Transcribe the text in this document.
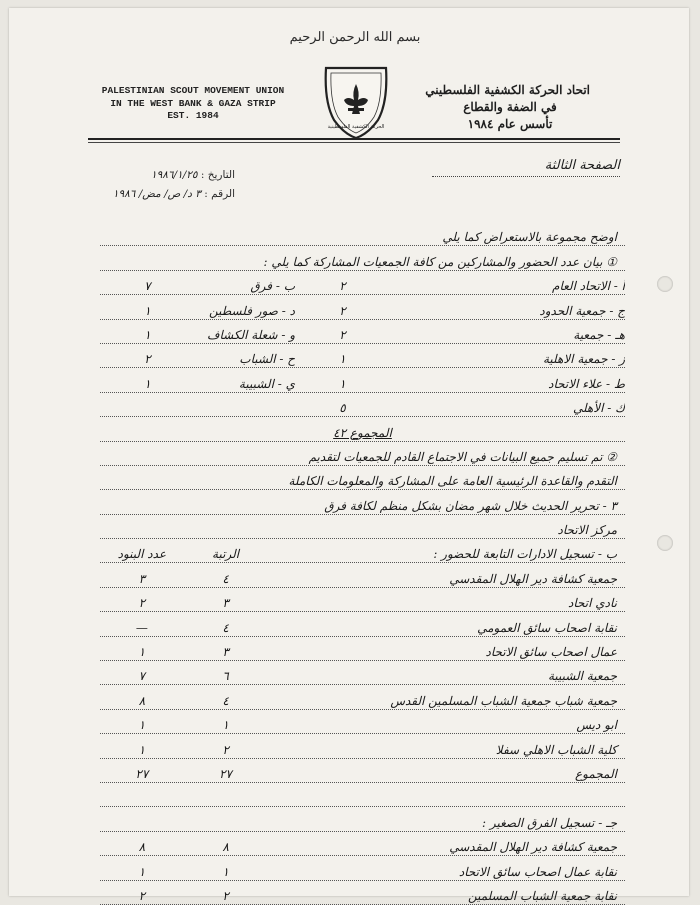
بسم الله الرحمن الرحيم
PALESTINIAN SCOUT MOVEMENT UNION
IN THE WEST BANK & GAZA STRIP
EST. 1984
الحركة الكشفية الفلسطينية
اتحاد الحركة الكشفية الفلسطيني
في الضفة والقطاع
تأسس عام ١٩٨٤
التاريخ : ١٩٨٦/١/٢٥
الرقم : ٣ د/ ص/ مض/ ١٩٨٦
الصفحة الثالثة
اوضح مجموعة بالاستعراض كما يلي
① بيان عدد الحضور والمشاركين من كافة الجمعيات المشاركة كما يلي :
أ - الاتحاد العام
٢
ب - فرق
٧
ج - جمعية الحدود
٢
د - صور فلسطين
١
هـ - جمعية
٢
و - شعلة الكشاف
١
ز - جمعية الاهلية
١
ح - الشباب
٢
ط - علاء الاتحاد
١
ي - الشبيبة
١
ك - الأهلي
٥
المجموع ٤٢
② تم تسليم جميع البيانات في الاجتماع القادم للجمعيات لتقديم
التقدم والقاعدة الرئيسية العامة على المشاركة والمعلومات الكاملة
٣ - تحرير الحديث خلال شهر مضان بشكل منظم لكافة فرق
مركز الاتحاد
ب - تسجيل الادارات التابعة للحضور :
الرتبة
عدد البنود
جمعية كشافة دير الهلال المقدسي
٤
٣
نادي اتحاد
٣
٢
نقابة اصحاب سائق العمومي
٤
—
عمال اصحاب سائق الاتحاد
٣
١
جمعية الشبيبة
٦
٧
جمعية شباب جمعية الشباب المسلمين القدس
٤
٨
ابو ديس
١
١
كلية الشباب الاهلي سفلا
٢
١
المجموع
٢٧
٢٧
جـ - تسجيل الفرق الصغير :
جمعية كشافة دير الهلال المقدسي
٨
٨
نقابة عمال اصحاب سائق الاتحاد
١
١
نقابة جمعية الشباب المسلمين
٢
٢
